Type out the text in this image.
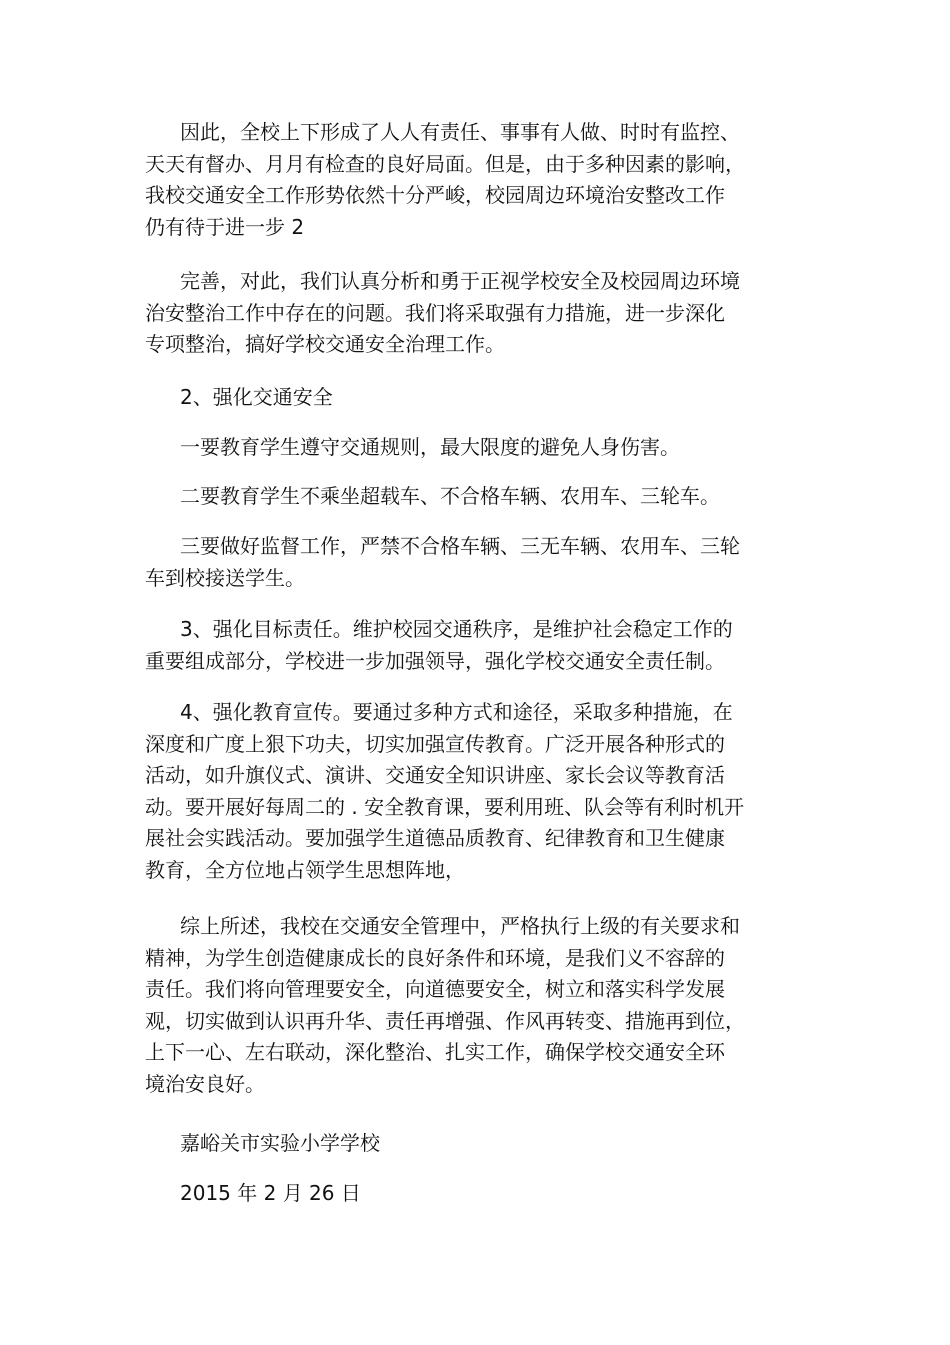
因此，全校上下形成了人人有责任、事事有人做、时时有监控、
天天有督办、月月有检查的良好局面。但是，由于多种因素的影响，
我校交通安全工作形势依然十分严峻，校园周边环境治安整改工作
仍有待于进一步 2
完善，对此，我们认真分析和勇于正视学校安全及校园周边环境
治安整治工作中存在的问题。我们将采取强有力措施，进一步深化
专项整治，搞好学校交通安全治理工作。
2、强化交通安全
一要教育学生遵守交通规则，最大限度的避免人身伤害。
二要教育学生不乘坐超载车、不合格车辆、农用车、三轮车。
三要做好监督工作，严禁不合格车辆、三无车辆、农用车、三轮
车到校接送学生。
3、强化目标责任。维护校园交通秩序，是维护社会稳定工作的
重要组成部分，学校进一步加强领导，强化学校交通安全责任制。
4、强化教育宣传。要通过多种方式和途径，采取多种措施，在
深度和广度上狠下功夫，切实加强宣传教育。广泛开展各种形式的
活动，如升旗仪式、演讲、交通安全知识讲座、家长会议等教育活
动。要开展好每周二的 . 安全教育课，要利用班、队会等有利时机开
展社会实践活动。要加强学生道德品质教育、纪律教育和卫生健康
教育，全方位地占领学生思想阵地，
综上所述，我校在交通安全管理中，严格执行上级的有关要求和
精神，为学生创造健康成长的良好条件和环境，是我们义不容辞的
责任。我们将向管理要安全，向道德要安全，树立和落实科学发展
观，切实做到认识再升华、责任再增强、作风再转变、措施再到位，
上下一心、左右联动，深化整治、扎实工作，确保学校交通安全环
境治安良好。
嘉峪关市实验小学学校
2015 年 2 月 26 日
